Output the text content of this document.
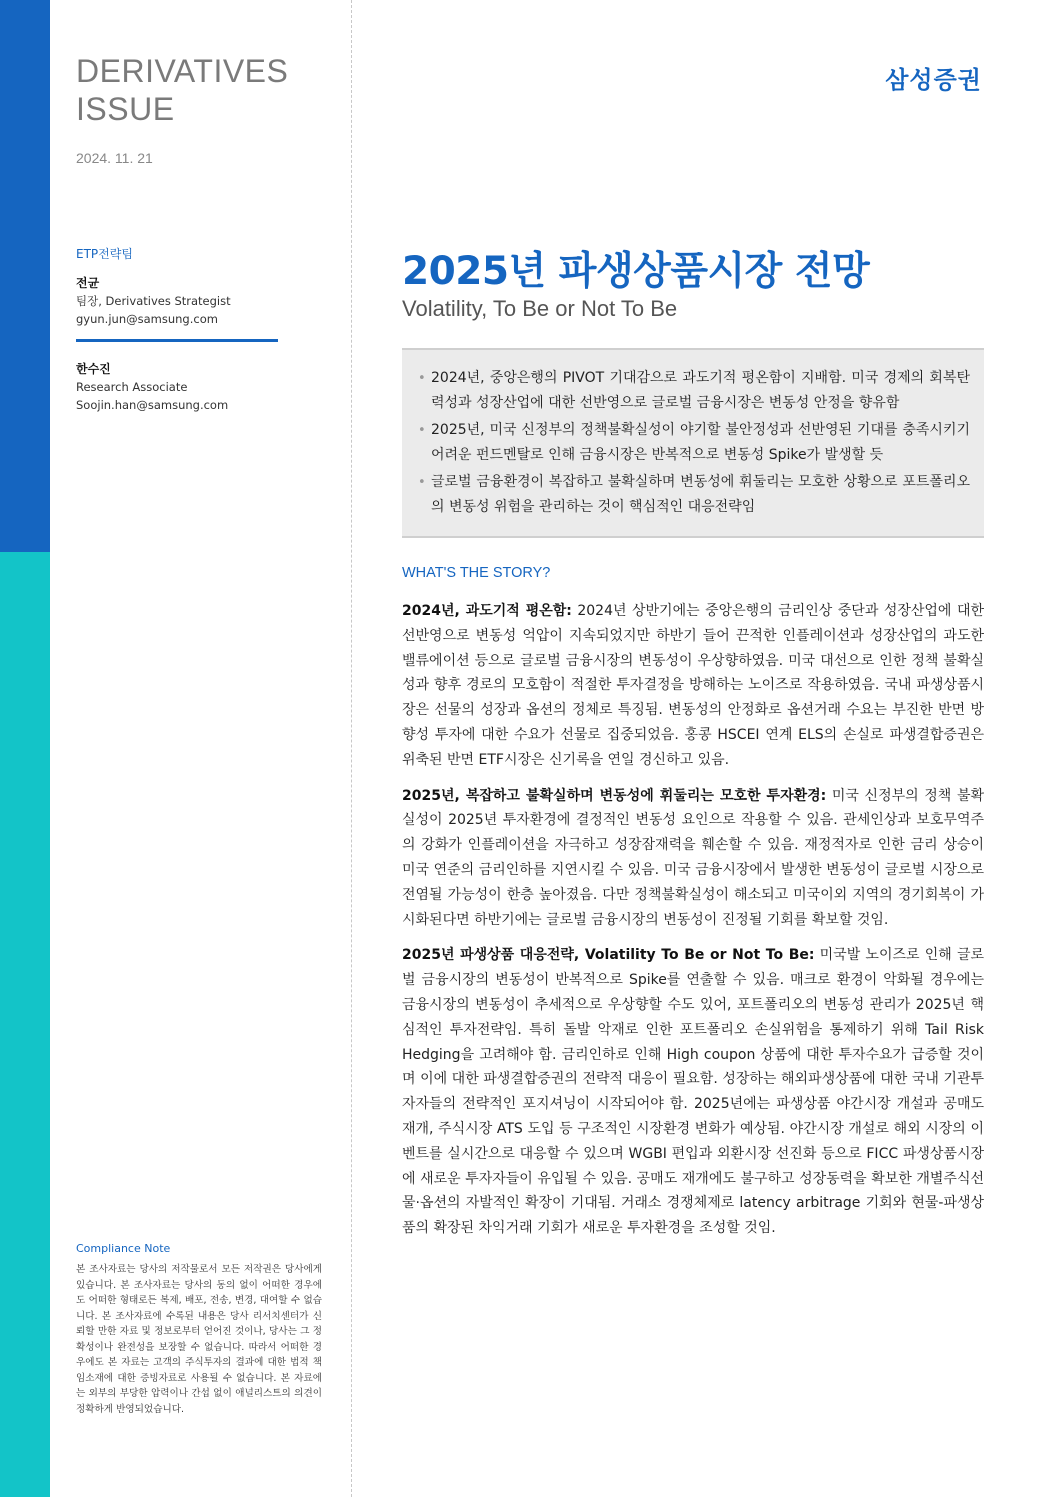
DERIVATIVES
ISSUE
2024. 11. 21
ETP전략팀
전균
팀장, Derivatives Strategist
gyun.jun@samsung.com
한수진
Research Associate
Soojin.han@samsung.com
Compliance Note
본 조사자료는 당사의 저작물로서 모든 저작권은 당사에게 있습니다. 본 조사자료는 당사의 동의 없이 어떠한 경우에도 어떠한 형태로든 복제, 배포, 전송, 변경, 대여할 수 없습니다. 본 조사자료에 수록된 내용은 당사 리서치센터가 신뢰할 만한 자료 및 정보로부터 얻어진 것이나, 당사는 그 정확성이나 완전성을 보장할 수 없습니다. 따라서 어떠한 경우에도 본 자료는 고객의 주식투자의 결과에 대한 법적 책임소재에 대한 증빙자료로 사용될 수 없습니다. 본 자료에는 외부의 부당한 압력이나 간섭 없이 애널리스트의 의견이 정확하게 반영되었습니다.
삼성증권
2025년 파생상품시장 전망
Volatility, To Be or Not To Be
• 2024년, 중앙은행의 PIVOT 기대감으로 과도기적 평온함이 지배함. 미국 경제의 회복탄력성과 성장산업에 대한 선반영으로 글로벌 금융시장은 변동성 안정을 향유함
• 2025년, 미국 신정부의 정책불확실성이 야기할 불안정성과 선반영된 기대를 충족시키기 어려운 펀드멘탈로 인해 금융시장은 반복적으로 변동성 Spike가 발생할 듯
• 글로벌 금융환경이 복잡하고 불확실하며 변동성에 휘둘리는 모호한 상황으로 포트폴리오의 변동성 위험을 관리하는 것이 핵심적인 대응전략임
WHAT'S THE STORY?

2024년, 과도기적 평온함: 2024년 상반기에는 중앙은행의 금리인상 중단과 성장산업에 대한 선반영으로 변동성 억압이 지속되었지만 하반기 들어 끈적한 인플레이션과 성장산업의 과도한 밸류에이션 등으로 글로벌 금융시장의 변동성이 우상향하였음. 미국 대선으로 인한 정책 불확실성과 향후 경로의 모호함이 적절한 투자결정을 방해하는 노이즈로 작용하였음. 국내 파생상품시장은 선물의 성장과 옵션의 정체로 특징됨. 변동성의 안정화로 옵션거래 수요는 부진한 반면 방향성 투자에 대한 수요가 선물로 집중되었음. 홍콩 HSCEI 연계 ELS의 손실로 파생결합증권은 위축된 반면 ETF시장은 신기록을 연일 경신하고 있음.

2025년, 복잡하고 불확실하며 변동성에 휘둘리는 모호한 투자환경: 미국 신정부의 정책 불확실성이 2025년 투자환경에 결정적인 변동성 요인으로 작용할 수 있음. 관세인상과 보호무역주의 강화가 인플레이션을 자극하고 성장잠재력을 훼손할 수 있음. 재정적자로 인한 금리 상승이 미국 연준의 금리인하를 지연시킬 수 있음. 미국 금융시장에서 발생한 변동성이 글로벌 시장으로 전염될 가능성이 한층 높아졌음. 다만 정책불확실성이 해소되고 미국이외 지역의 경기회복이 가시화된다면 하반기에는 글로벌 금융시장의 변동성이 진정될 기회를 확보할 것임.

2025년 파생상품 대응전략, Volatility To Be or Not To Be: 미국발 노이즈로 인해 글로벌 금융시장의 변동성이 반복적으로 Spike를 연출할 수 있음. 매크로 환경이 악화될 경우에는 금융시장의 변동성이 추세적으로 우상향할 수도 있어, 포트폴리오의 변동성 관리가 2025년 핵심적인 투자전략임. 특히 돌발 악재로 인한 포트폴리오 손실위험을 통제하기 위해 Tail Risk Hedging을 고려해야 함. 금리인하로 인해 High coupon 상품에 대한 투자수요가 급증할 것이며 이에 대한 파생결합증권의 전략적 대응이 필요함. 성장하는 해외파생상품에 대한 국내 기관투자자들의 전략적인 포지셔닝이 시작되어야 함. 2025년에는 파생상품 야간시장 개설과 공매도 재개, 주식시장 ATS 도입 등 구조적인 시장환경 변화가 예상됨. 야간시장 개설로 해외 시장의 이벤트를 실시간으로 대응할 수 있으며 WGBI 편입과 외환시장 선진화 등으로 FICC 파생상품시장에 새로운 투자자들이 유입될 수 있음. 공매도 재개에도 불구하고 성장동력을 확보한 개별주식선물·옵션의 자발적인 확장이 기대됨. 거래소 경쟁체제로 latency arbitrage 기회와 현물-파생상품의 확장된 차익거래 기회가 새로운 투자환경을 조성할 것임.
